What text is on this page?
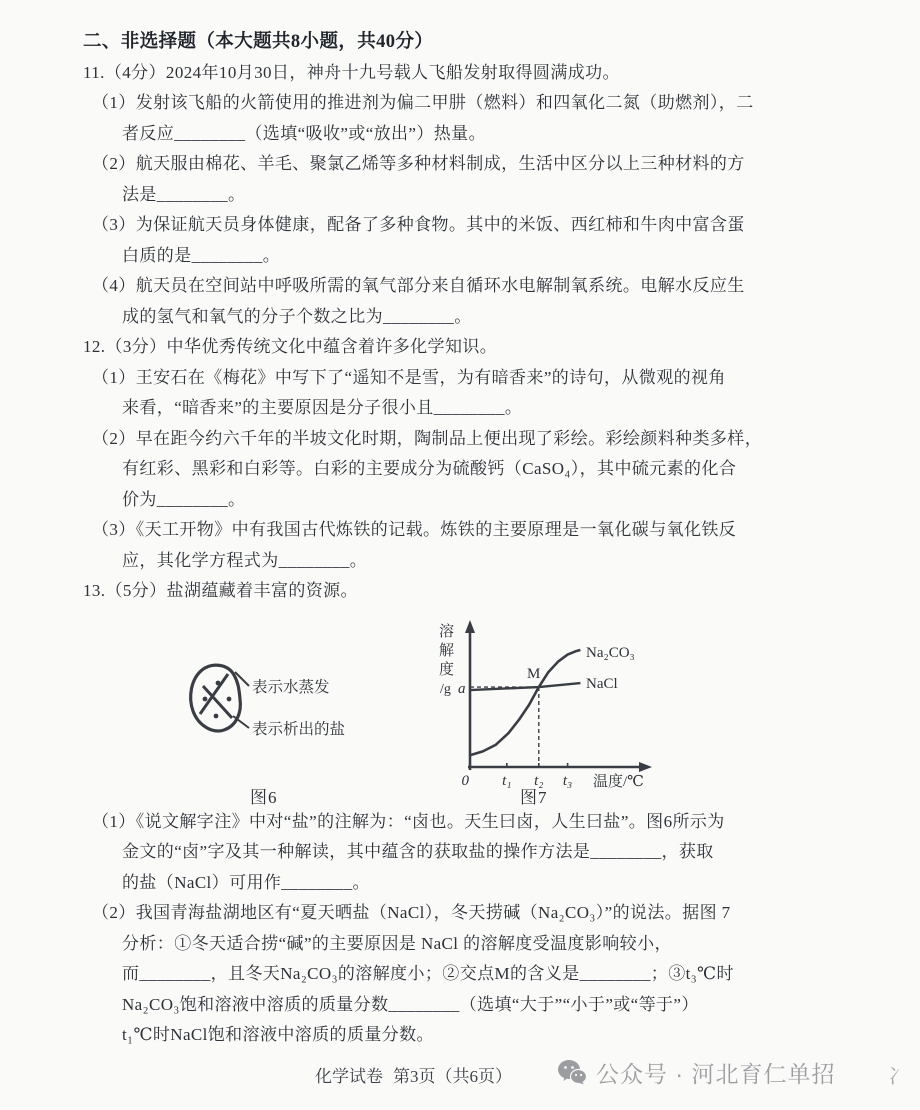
二、非选择题（本大题共8小题，共40分）
11.（4分）2024年10月30日，神舟十九号载人飞船发射取得圆满成功。
（1）发射该飞船的火箭使用的推进剂为偏二甲肼（燃料）和四氧化二氮（助燃剂），二
者反应________（选填“吸收”或“放出”）热量。
（2）航天服由棉花、羊毛、聚氯乙烯等多种材料制成，生活中区分以上三种材料的方
法是________。
（3）为保证航天员身体健康，配备了多种食物。其中的米饭、西红柿和牛肉中富含蛋
白质的是________。
（4）航天员在空间站中呼吸所需的氧气部分来自循环水电解制氧系统。电解水反应生
成的氢气和氧气的分子个数之比为________。
12.（3分）中华优秀传统文化中蕴含着许多化学知识。
（1）王安石在《梅花》中写下了“遥知不是雪，为有暗香来”的诗句，从微观的视角
来看，“暗香来”的主要原因是分子很小且________。
（2）早在距今约六千年的半坡文化时期，陶制品上便出现了彩绘。彩绘颜料种类多样，
有红彩、黑彩和白彩等。白彩的主要成分为硫酸钙（CaSO₄），其中硫元素的化合
价为________。
（3）《天工开物》中有我国古代炼铁的记载。炼铁的主要原理是一氧化碳与氧化铁反
应，其化学方程式为________。
13.（5分）盐湖蕴藏着丰富的资源。
表示水蒸发
表示析出的盐
溶
解
度
/g a
M
Na₂CO₃
NaCl
0 t₁ t₂ t₃ 温度/℃
图6	图7
（1）《说文解字注》中对“盐”的注解为：“卤也。天生曰卤，人生曰盐”。图6所示为
金文的“卤”字及其一种解读，其中蕴含的获取盐的操作方法是________，获取
的盐（NaCl）可用作________。
（2）我国青海盐湖地区有“夏天晒盐（NaCl），冬天捞碱（Na₂CO₃）”的说法。据图 7
分析：①冬天适合捞“碱”的主要原因是 NaCl 的溶解度受温度影响较小，
而________，且冬天Na₂CO₃的溶解度小；②交点M的含义是________；③t₃℃时
Na₂CO₃饱和溶液中溶质的质量分数________（选填“大于”“小于”或“等于”）
t₁℃时NaCl饱和溶液中溶质的质量分数。
化学试卷 第3页（共6页）	公众号 · 河北育仁单招	冫
